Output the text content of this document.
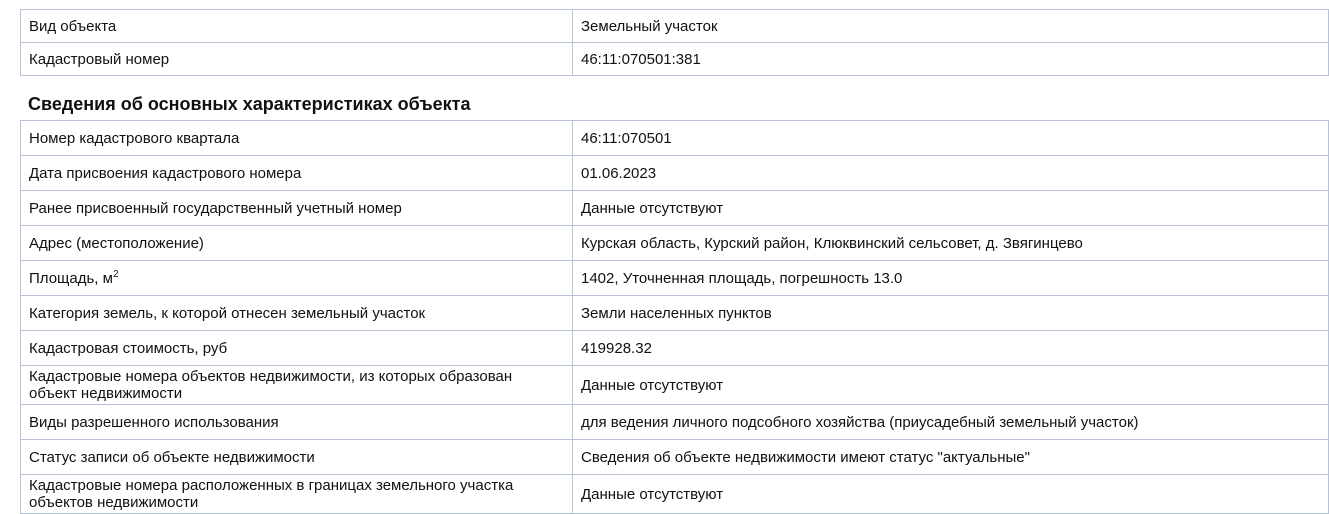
Вид объекта	Земельный участок
Кадастровый номер	46:11:070501:381
Сведения об основных характеристиках объекта
Номер кадастрового квартала	46:11:070501
Дата присвоения кадастрового номера	01.06.2023
Ранее присвоенный государственный учетный номер	Данные отсутствуют
Адрес (местоположение)	Курская область, Курский район, Клюквинский сельсовет, д. Звягинцево
Площадь, $м^2$	1402, Уточненная площадь, погрешность 13.0
Категория земель, к которой отнесен земельный участок	Земли населенных пунктов
Кадастровая стоимость, руб	419928.32
Кадастровые номера объектов недвижимости, из которых образован объект недвижимости	Данные отсутствуют
Виды разрешенного использования	для ведения личного подсобного хозяйства (приусадебный земельный участок)
Статус записи об объекте недвижимости	Сведения об объекте недвижимости имеют статус "актуальные"
Кадастровые номера расположенных в границах земельного участка объектов недвижимости	Данные отсутствуют
